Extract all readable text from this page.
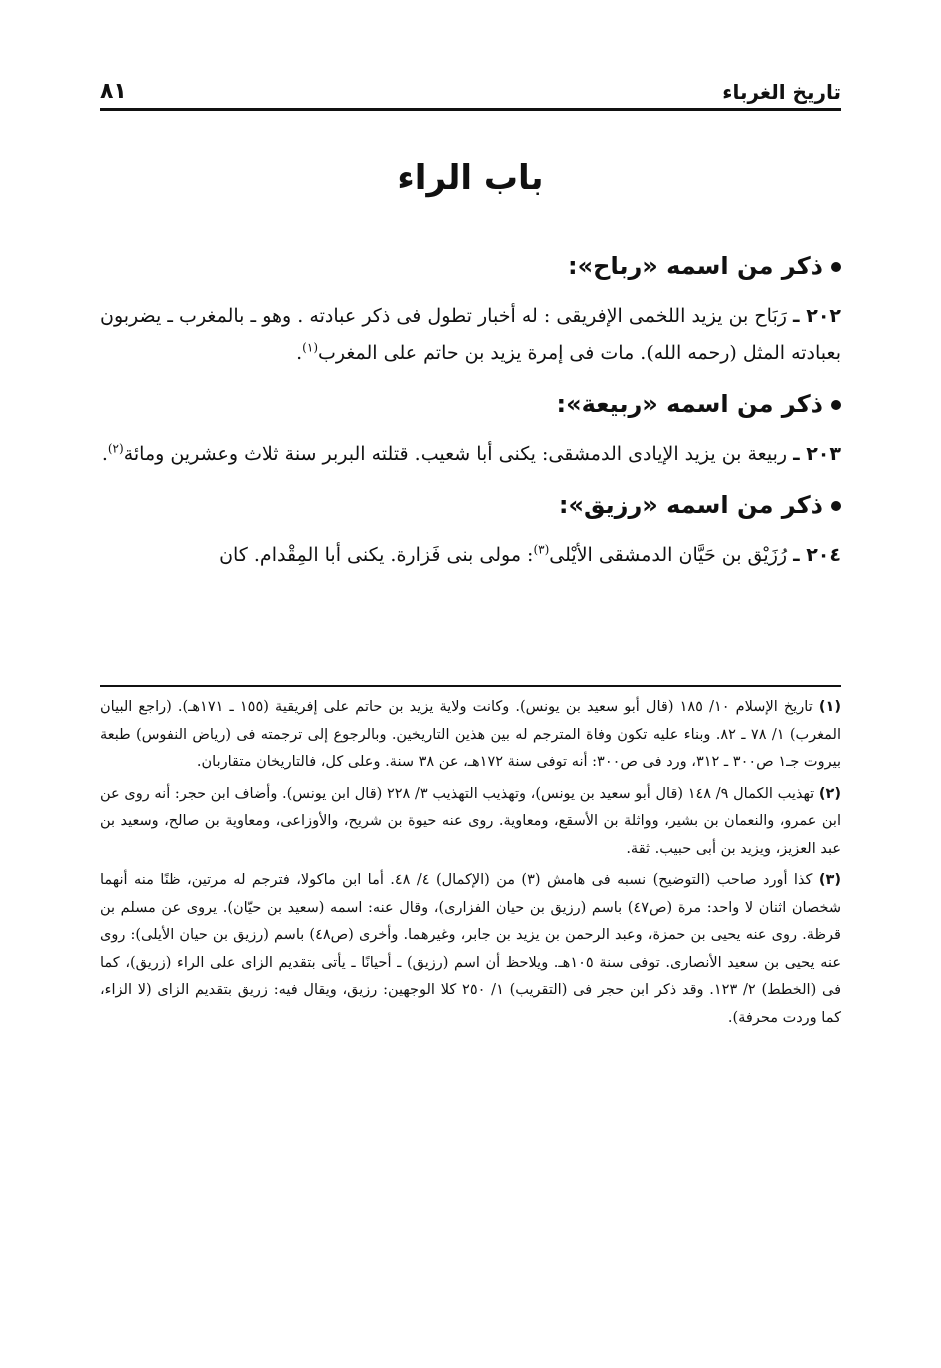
تاريخ الغرباء
٨١
باب الراء
ذكر من اسمه «رباح»:

٢٠٢ ـ رَبَاح بن يزيد اللخمى الإفريقى : له أخبار تطول فى ذكر عبادته . وهو ـ بالمغرب ـ يضربون بعبادته المثل (رحمه الله). مات فى إمرة يزيد بن حاتم على المغرب$^{(١)}$.

ذكر من اسمه «ربيعة»:

٢٠٣ ـ ربيعة بن يزيد الإيادى الدمشقى: يكنى أبا شعيب. قتلته البربر سنة ثلاث وعشرين ومائة$^{(٢)}$.

ذكر من اسمه «رزيق»:

٢٠٤ ـ رُزَيْق بن حَيَّان الدمشقى الأيْلى$^{(٣)}$: مولى بنى فَزارة. يكنى أبا المِقْدام. كان

(١) تاريخ الإسلام ١٠/ ١٨٥ (قال أبو سعيد بن يونس). وكانت ولاية يزيد بن حاتم على إفريقية (١٥٥ ـ ١٧١هـ). (راجع البيان المغرب) ١/ ٧٨ ـ ٨٢. وبناء عليه تكون وفاة المترجم له بين هذين التاريخين. وبالرجوع إلى ترجمته فى (رياض النفوس) طبعة بيروت جـ١ ص٣٠٠ ـ ٣١٢، ورد فى ص٣٠٠: أنه توفى سنة ١٧٢هـ، عن ٣٨ سنة. وعلى كل، فالتاريخان متقاربان.

(٢) تهذيب الكمال ٩/ ١٤٨ (قال أبو سعيد بن يونس)، وتهذيب التهذيب ٣/ ٢٢٨ (قال ابن يونس). وأضاف ابن حجر: أنه روى عن ابن عمرو، والنعمان بن بشير، وواثلة بن الأسقع، ومعاوية. روى عنه حيوة بن شريح، والأوزاعى، ومعاوية بن صالح، وسعيد بن عبد العزيز، ويزيد بن أبى حبيب. ثقة.

(٣) كذا أورد صاحب (التوضيح) نسبه فى هامش (٣) من (الإكمال) ٤/ ٤٨. أما ابن ماكولا، فترجم له مرتين، ظنًا منه أنهما شخصان اثنان لا واحد: مرة (ص٤٧) باسم (رزيق بن حيان الفزارى)، وقال عنه: اسمه (سعيد بن حيّان). يروى عن مسلم بن قرظة. روى عنه يحيى بن حمزة، وعبد الرحمن بن يزيد بن جابر، وغيرهما. وأخرى (ص٤٨) باسم (رزيق بن حيان الأيلى): روى عنه يحيى بن سعيد الأنصارى. توفى سنة ١٠٥هـ. ويلاحظ أن اسم (رزيق) ـ أحيانًا ـ يأتى بتقديم الزاى على الراء (زريق)، كما فى (الخطط) ٢/ ١٢٣. وقد ذكر ابن حجر فى (التقريب) ١/ ٢٥٠ كلا الوجهين: رزيق، ويقال فيه: زريق بتقديم الزاى (لا الزاء، كما وردت محرفة).
